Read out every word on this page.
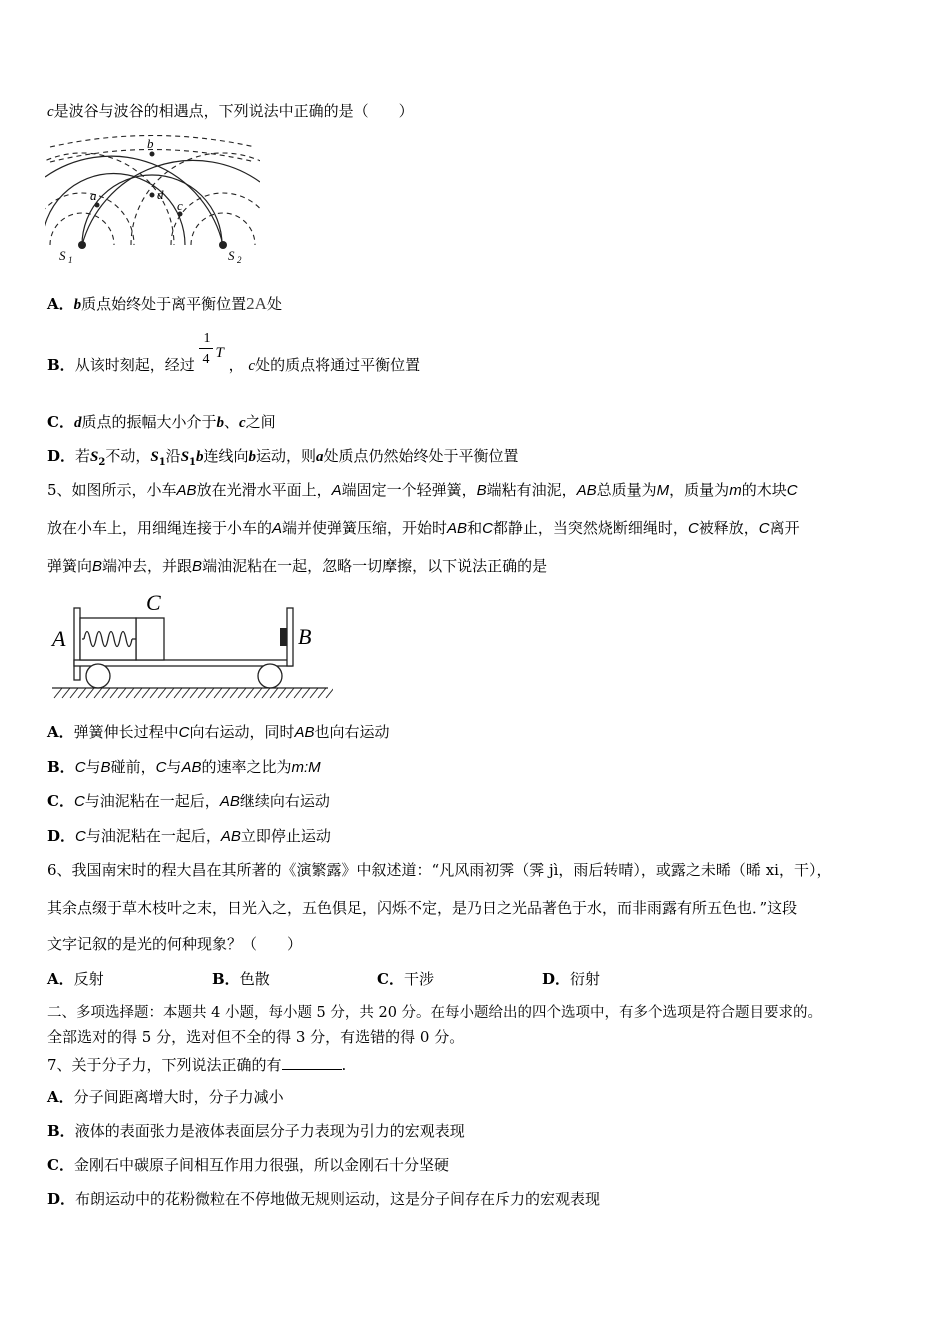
c是波谷与波谷的相遇点，下列说法中正确的是（　　）
b
a	d
c
S 1	S 2
A．b质点始终处于离平衡位置2A处
B．从该时刻起，经过 $\frac{1}{4}$
T ， c处的质点将通过平衡位置
C．d质点的振幅大小介于b、c之间
D．若$S_2$不动，$S_1$沿$S_1b$连线向b运动，则a处质点仍然始终处于平衡位置
5、如图所示，小车AB放在光滑水平面上，A端固定一个轻弹簧，B端粘有油泥，AB总质量为M，质量为m的木块C
放在小车上，用细绳连接于小车的A端并使弹簧压缩，开始时AB和C都静止，当突然烧断细绳时，C被释放，C离开
弹簧向B端冲去，并跟B端油泥粘在一起，忽略一切摩擦，以下说法正确的是
A	B
C
A．弹簧伸长过程中C向右运动，同时AB也向右运动
B．C与B碰前，C与AB的速率之比为m:M
C．C与油泥粘在一起后，AB继续向右运动
D．C与油泥粘在一起后，AB立即停止运动
6、我国南宋时的程大昌在其所著的《演繁露》中叙述道：“凡风雨初霁（霁 jì，雨后转晴），或露之未晞（晞 xi，干），
其余点缀于草木枝叶之末，日光入之，五色俱足，闪烁不定，是乃日之光品著色于水，而非雨露有所五色也．”这段
文字记叙的是光的何种现象？（　　）
A．反射	B．色散	C．干涉	D．衍射
二、多项选择题：本题共 4 小题，每小题 5 分，共 20 分。在每小题给出的四个选项中，有多个选项是符合题目要求的。
全部选对的得 5 分，选对但不全的得 3 分，有选错的得 0 分。
7、关于分子力，下列说法正确的有	.
A．分子间距离增大时，分子力减小
B．液体的表面张力是液体表面层分子力表现为引力的宏观表现
C．金刚石中碳原子间相互作用力很强，所以金刚石十分坚硬
D．布朗运动中的花粉微粒在不停地做无规则运动，这是分子间存在斥力的宏观表现
